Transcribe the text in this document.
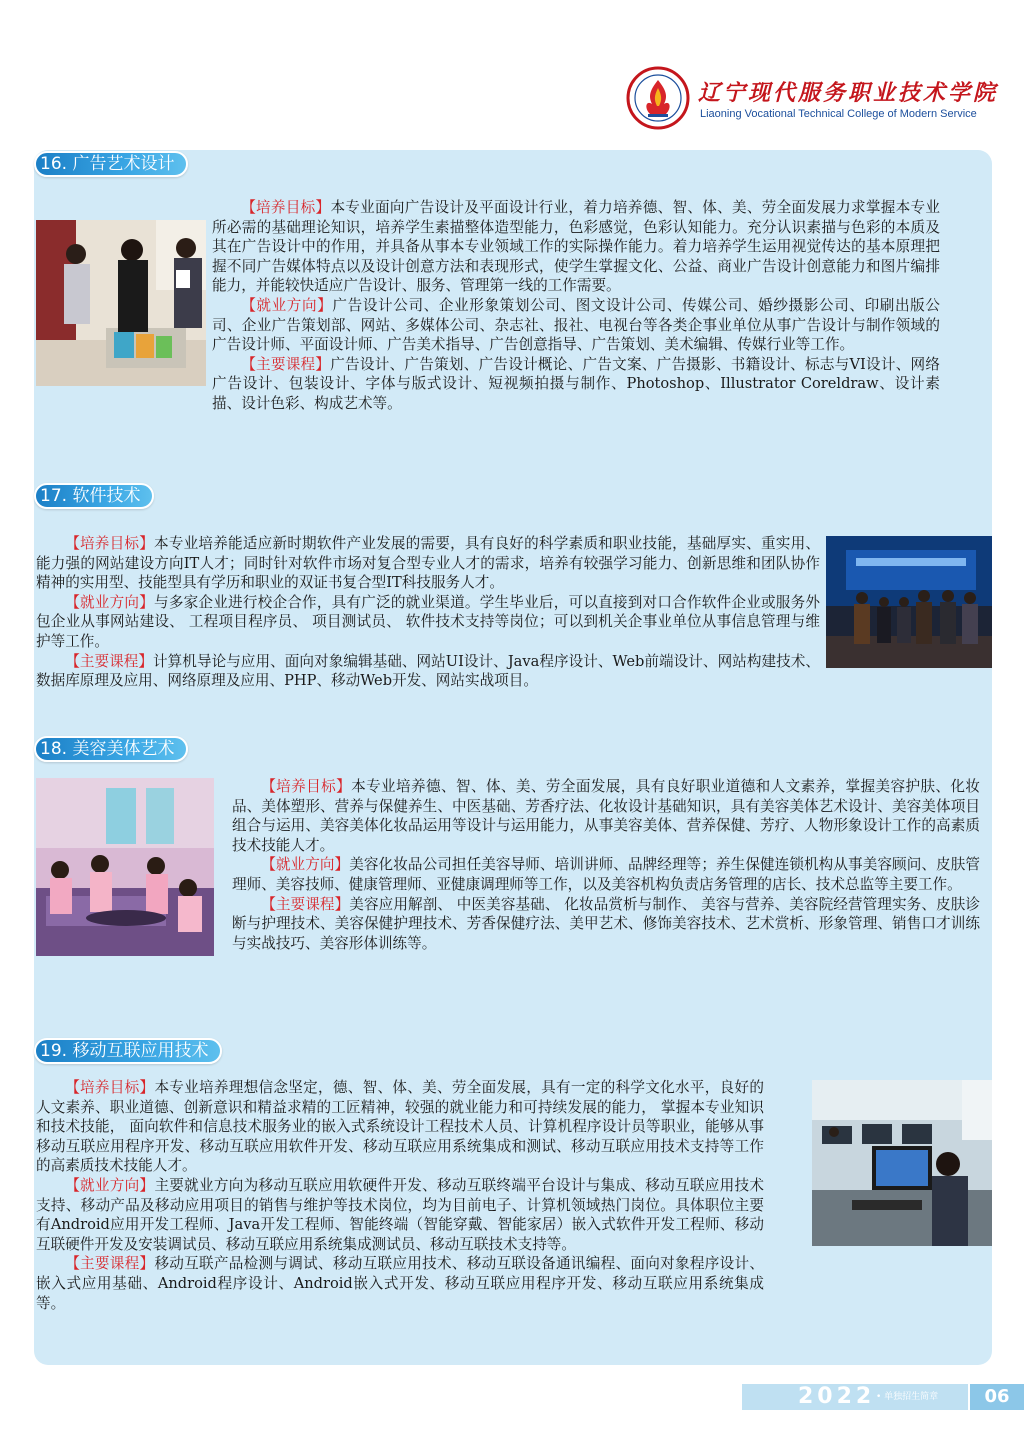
辽宁现代服务职业技术学院
Liaoning Vocational Technical College of Modern Service
16. 广告艺术设计

【培养目标】本专业面向广告设计及平面设计行业，着力培养德、智、体、美、劳全面发展力求掌握本专业所必需的基础理论知识，培养学生素描整体造型能力，色彩感觉，色彩认知能力。充分认识素描与色彩的本质及其在广告设计中的作用，并具备从事本专业领域工作的实际操作能力。着力培养学生运用视觉传达的基本原理把握不同广告媒体特点以及设计创意方法和表现形式，使学生掌握文化、公益、商业广告设计创意能力和图片编排能力，并能较快适应广告设计、服务、管理第一线的工作需要。

【就业方向】广告设计公司、企业形象策划公司、图文设计公司、传媒公司、婚纱摄影公司、印刷出版公司、企业广告策划部、网站、多媒体公司、杂志社、报社、电视台等各类企事业单位从事广告设计与制作领域的广告设计师、平面设计师、广告美术指导、广告创意指导、广告策划、美术编辑、传媒行业等工作。

【主要课程】广告设计、广告策划、广告设计概论、广告文案、广告摄影、书籍设计、标志与VI设计、网络广告设计、包装设计、字体与版式设计、短视频拍摄与制作、Photoshop、Illustrator Coreldraw、设计素描、设计色彩、构成艺术等。

17. 软件技术

【培养目标】本专业培养能适应新时期软件产业发展的需要，具有良好的科学素质和职业技能，基础厚实、重实用、能力强的网站建设方向IT人才；同时针对软件市场对复合型专业人才的需求，培养有较强学习能力、创新思维和团队协作精神的实用型、技能型具有学历和职业的双证书复合型IT科技服务人才。

【就业方向】与多家企业进行校企合作，具有广泛的就业渠道。学生毕业后，可以直接到对口合作软件企业或服务外包企业从事网站建设、 工程项目程序员、 项目测试员、 软件技术支持等岗位；可以到机关企事业单位从事信息管理与维护等工作。

【主要课程】计算机导论与应用、面向对象编辑基础、网站UI设计、Java程序设计、Web前端设计、网站构建技术、数据库原理及应用、网络原理及应用、PHP、移动Web开发、网站实战项目。

18. 美容美体艺术

【培养目标】本专业培养德、智、体、美、劳全面发展，具有良好职业道德和人文素养，掌握美容护肤、化妆品、美体塑形、营养与保健养生、中医基础、芳香疗法、化妆设计基础知识，具有美容美体艺术设计、美容美体项目组合与运用、美容美体化妆品运用等设计与运用能力，从事美容美体、营养保健、芳疗、人物形象设计工作的高素质技术技能人才。

【就业方向】美容化妆品公司担任美容导师、培训讲师、品牌经理等；养生保健连锁机构从事美容顾问、皮肤管理师、美容技师、健康管理师、亚健康调理师等工作，以及美容机构负责店务管理的店长、技术总监等主要工作。

【主要课程】美容应用解剖、 中医美容基础、 化妆品赏析与制作、 美容与营养、美容院经营管理实务、皮肤诊断与护理技术、美容保健护理技术、芳香保健疗法、美甲艺术、修饰美容技术、艺术赏析、形象管理、销售口才训练与实战技巧、美容形体训练等。

19. 移动互联应用技术

【培养目标】本专业培养理想信念坚定，德、智、体、美、劳全面发展，具有一定的科学文化水平，良好的人文素养、职业道德、创新意识和精益求精的工匠精神，较强的就业能力和可持续发展的能力， 掌握本专业知识和技术技能， 面向软件和信息技术服务业的嵌入式系统设计工程技术人员、计算机程序设计员等职业，能够从事移动互联应用程序开发、移动互联应用软件开发、移动互联应用系统集成和测试、移动互联应用技术支持等工作的高素质技术技能人才。

【就业方向】主要就业方向为移动互联应用软硬件开发、移动互联终端平台设计与集成、移动互联应用技术支持、移动产品及移动应用项目的销售与维护等技术岗位，均为目前电子、计算机领域热门岗位。具体职位主要有Android应用开发工程师、Java开发工程师、智能终端（智能穿戴、智能家居）嵌入式软件开发工程师、移动互联硬件开发及安装调试员、移动互联应用系统集成测试员、移动互联技术支持等。

【主要课程】移动互联产品检测与调试、移动互联应用技术、移动互联设备通讯编程、面向对象程序设计、嵌入式应用基础、Android程序设计、Android嵌入式开发、移动互联应用程序开发、移动互联应用系统集成等。

2022 • 单独招生简章	06
